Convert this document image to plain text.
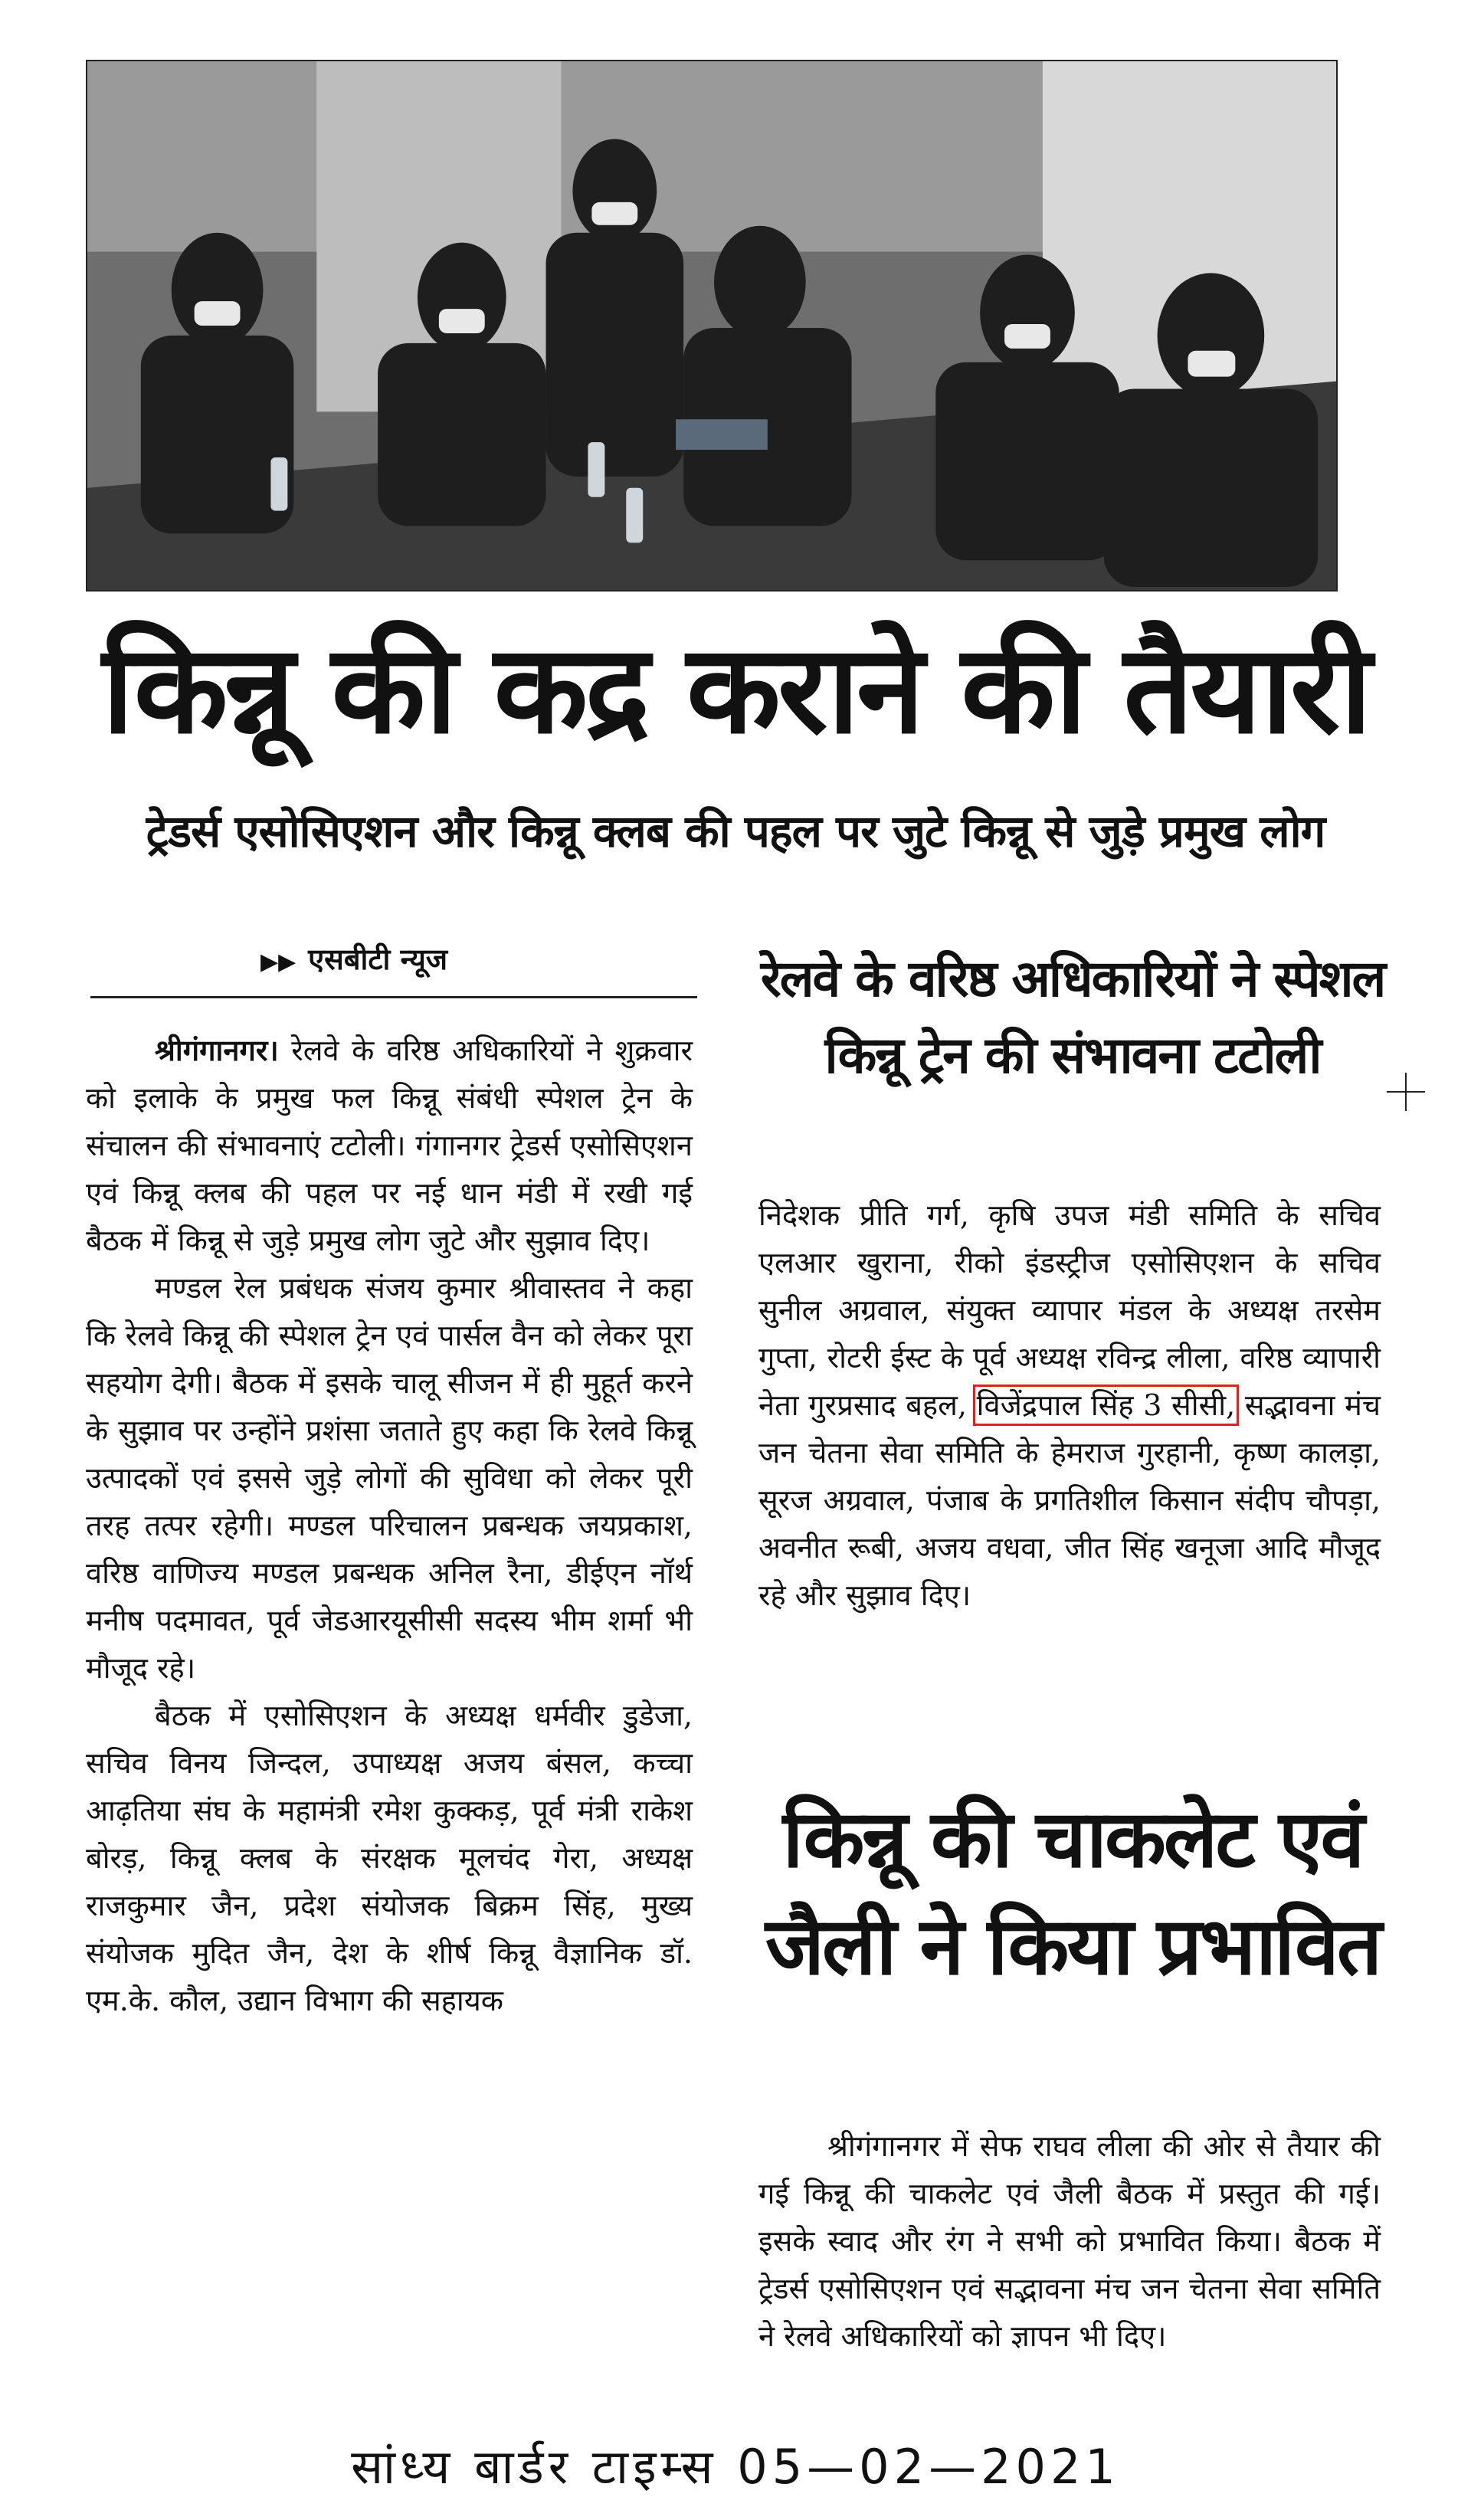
किन्नू की कद्र कराने की तैयारी
ट्रेडर्स एसोसिएशन और किन्नू क्लब की पहल पर जुटे किन्नू से जुड़े प्रमुख लोग
▶▶ एसबीटी न्यूज

श्रीगंगानगर। रेलवे के वरिष्ठ अधिकारियों ने शुक्रवार को इलाके के प्रमुख फल किन्नू संबंधी स्पेशल ट्रेन के संचालन की संभावनाएं टटोली। गंगानगर ट्रेडर्स एसोसिएशन एवं किन्नू क्लब की पहल पर नई धान मंडी में रखी गई बैठक में किन्नू से जुड़े प्रमुख लोग जुटे और सुझाव दिए।

मण्डल रेल प्रबंधक संजय कुमार श्रीवास्तव ने कहा कि रेलवे किन्नू की स्पेशल ट्रेन एवं पार्सल वैन को लेकर पूरा सहयोग देगी। बैठक में इसके चालू सीजन में ही मुहूर्त करने के सुझाव पर उन्होंने प्रशंसा जताते हुए कहा कि रेलवे किन्नू उत्पादकों एवं इससे जुड़े लोगों की सुविधा को लेकर पूरी तरह तत्पर रहेगी। मण्डल परिचालन प्रबन्धक जयप्रकाश, वरिष्ठ वाणिज्य मण्डल प्रबन्धक अनिल रैना, डीईएन नॉर्थ मनीष पदमावत, पूर्व जेडआरयूसीसी सदस्य भीम शर्मा भी मौजूद रहे।

बैठक में एसोसिएशन के अध्यक्ष धर्मवीर डुडेजा, सचिव विनय जिन्दल, उपाध्यक्ष अजय बंसल, कच्चा आढ़तिया संघ के महामंत्री रमेश कुक्कड़, पूर्व मंत्री राकेश बोरड़, किन्नू क्लब के संरक्षक मूलचंद गेरा, अध्यक्ष राजकुमार जैन, प्रदेश संयोजक बिक्रम सिंह, मुख्य संयोजक मुदित जैन, देश के शीर्ष किन्नू वैज्ञानिक डॉ. एम.के. कौल, उद्यान विभाग की सहायक

रेलवे के वरिष्ठ अधिकारियों ने स्पेशल किन्नू ट्रेन की संभावना टटोली

निदेशक प्रीति गर्ग, कृषि उपज मंडी समिति के सचिव एलआर खुराना, रीको इंडस्ट्रीज एसोसिएशन के सचिव सुनील अग्रवाल, संयुक्त व्यापार मंडल के अध्यक्ष तरसेम गुप्ता, रोटरी ईस्ट के पूर्व अध्यक्ष रविन्द्र लीला, वरिष्ठ व्यापारी नेता गुरप्रसाद बहल, विजेंद्रपाल सिंह 3 सीसी, सद्भावना मंच जन चेतना सेवा समिति के हेमराज गुरहानी, कृष्ण कालड़ा, सूरज अग्रवाल, पंजाब के प्रगतिशील किसान संदीप चौपड़ा, अवनीत रूबी, अजय वधवा, जीत सिंह खनूजा आदि मौजूद रहे और सुझाव दिए।

किन्नू की चाकलेट एवं जैली ने किया प्रभावित

श्रीगंगानगर में सेफ राघव लीला की ओर से तैयार की गई किन्नू की चाकलेट एवं जैली बैठक में प्रस्तुत की गई। इसके स्वाद और रंग ने सभी को प्रभावित किया। बैठक में ट्रेडर्स एसोसिएशन एवं सद्भावना मंच जन चेतना सेवा समिति ने रेलवे अधिकारियों को ज्ञापन भी दिए।

सांध्य बार्डर टाइम्स 05—02—2021
